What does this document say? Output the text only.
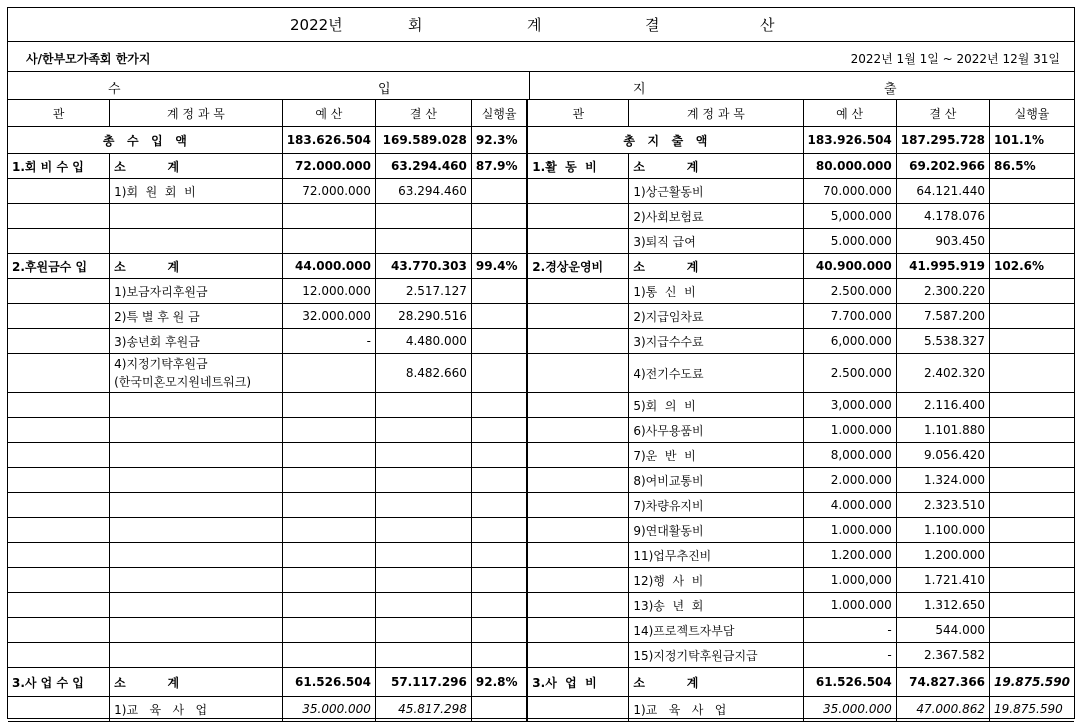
2022년	회	계	결	산
사/한부모가족회 한가지	2022년 1월 1일 ~ 2022년 12월 31일
수	입	지	출
관	계 정 과 목	예 산	결 산	실행율	관	계 정 과 목	예 산	결 산	실행율
총   수   입   액		183.626.504	169.589.028	92.3%	총   지   출   액		183.926.504	187.295.728	101.1%
1.회 비 수 입	소          계	72.000.000	63.294.460	87.9%	1.활  동  비	소          계	80.000.000	69.202.966	86.5%
	1)회  원  회  비	72.000.000	63.294.460			1)상근활동비	70.000.000	64.121.440	
						2)사회보험료	5,000.000	4.178.076	
						3)퇴직 급여	5.000.000	903.450	
2.후원금수 입	소          계	44.000.000	43.770.303	99.4%	2.경상운영비	소          계	40.900.000	41.995.919	102.6%
	1)보금자리후원금	12.000.000	2.517.127			1)통  신  비	2.500.000	2.300.220	
	2)특 별 후 원 금	32.000.000	28.290.516			2)지급임차료	7.700.000	7.587.200	
	3)송년회 후원금	-	4.480.000			3)지급수수료	6,000.000	5.538.327	

	4)지정기탁후원금
(한국미혼모지원네트워크)		8.482.660			4)전기수도료	2.500.000	2.402.320	
						5)회  의  비	3,000.000	2.116.400	
						6)사무용품비	1.000.000	1.101.880	
						7)운  반  비	8,000.000	9.056.420	
						8)여비교통비	2.000.000	1.324.000	
						7)차량유지비	4.000.000	2.323.510	
						9)연대활동비	1.000.000	1.100.000	
						11)업무추진비	1.200.000	1.200.000	
						12)행  사  비	1.000,000	1.721.410	
						13)송  년  회	1.000.000	1.312.650	
						14)프로젝트자부담	-	544.000	
						15)지정기탁후원금지급	-	2.367.582	
3.사 업 수 입	소          계	61.526.504	57.117.296	92.8%	3.사  업  비	소          계	61.526.504	74.827.366	19.875.590
	1)교   육   사   업	35.000.000	45.817.298			1)교   육   사   업	35.000.000	47.000.862	19.875.590
